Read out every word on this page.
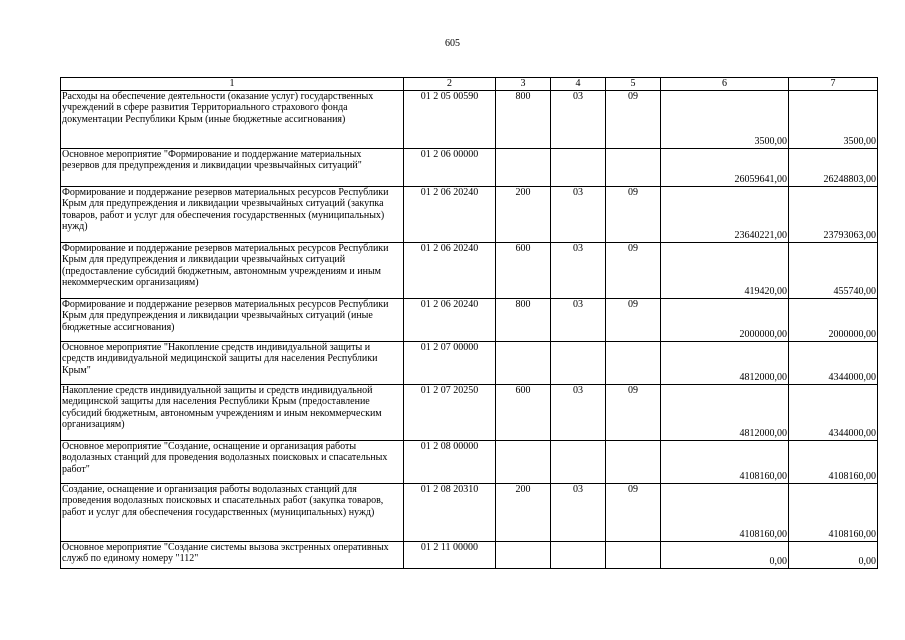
605
1	2	3	4	5	6	7
Расходы на обеспечение деятельности (оказание услуг) государственных учреждений в сфере развития Территориального страхового фонда документации Республики Крым (иные бюджетные ассигнования)	01 2 05 00590	800	03	09	3500,00	3500,00
Основное мероприятие "Формирование и поддержание материальных резервов для предупреждения и ликвидации чрезвычайных ситуаций"	01 2 06 00000				26059641,00	26248803,00
Формирование и поддержание резервов материальных ресурсов Республики Крым для предупреждения и ликвидации чрезвычайных ситуаций (закупка товаров, работ и услуг для обеспечения государственных (муниципальных) нужд)	01 2 06 20240	200	03	09	23640221,00	23793063,00
Формирование и поддержание резервов материальных ресурсов Республики Крым для предупреждения и ликвидации чрезвычайных ситуаций (предоставление субсидий бюджетным, автономным учреждениям и иным некоммерческим организациям)	01 2 06 20240	600	03	09	419420,00	455740,00
Формирование и поддержание резервов материальных ресурсов Республики Крым для предупреждения и ликвидации чрезвычайных ситуаций (иные бюджетные ассигнования)	01 2 06 20240	800	03	09	2000000,00	2000000,00
Основное мероприятие "Накопление средств индивидуальной защиты и средств индивидуальной медицинской защиты для населения Республики Крым"	01 2 07 00000				4812000,00	4344000,00
Накопление средств индивидуальной защиты и средств индивидуальной медицинской защиты для населения Республики Крым (предоставление субсидий бюджетным, автономным учреждениям и иным некоммерческим организациям)	01 2 07 20250	600	03	09	4812000,00	4344000,00
Основное мероприятие "Создание, оснащение и организация работы водолазных станций для проведения водолазных поисковых и спасательных работ"	01 2 08 00000				4108160,00	4108160,00
Создание, оснащение и организация работы водолазных станций для проведения водолазных поисковых и спасательных работ (закупка товаров, работ и услуг для обеспечения государственных (муниципальных) нужд)	01 2 08 20310	200	03	09	4108160,00	4108160,00
Основное мероприятие "Создание системы вызова экстренных оперативных служб по единому номеру "112"	01 2 11 00000				0,00	0,00
